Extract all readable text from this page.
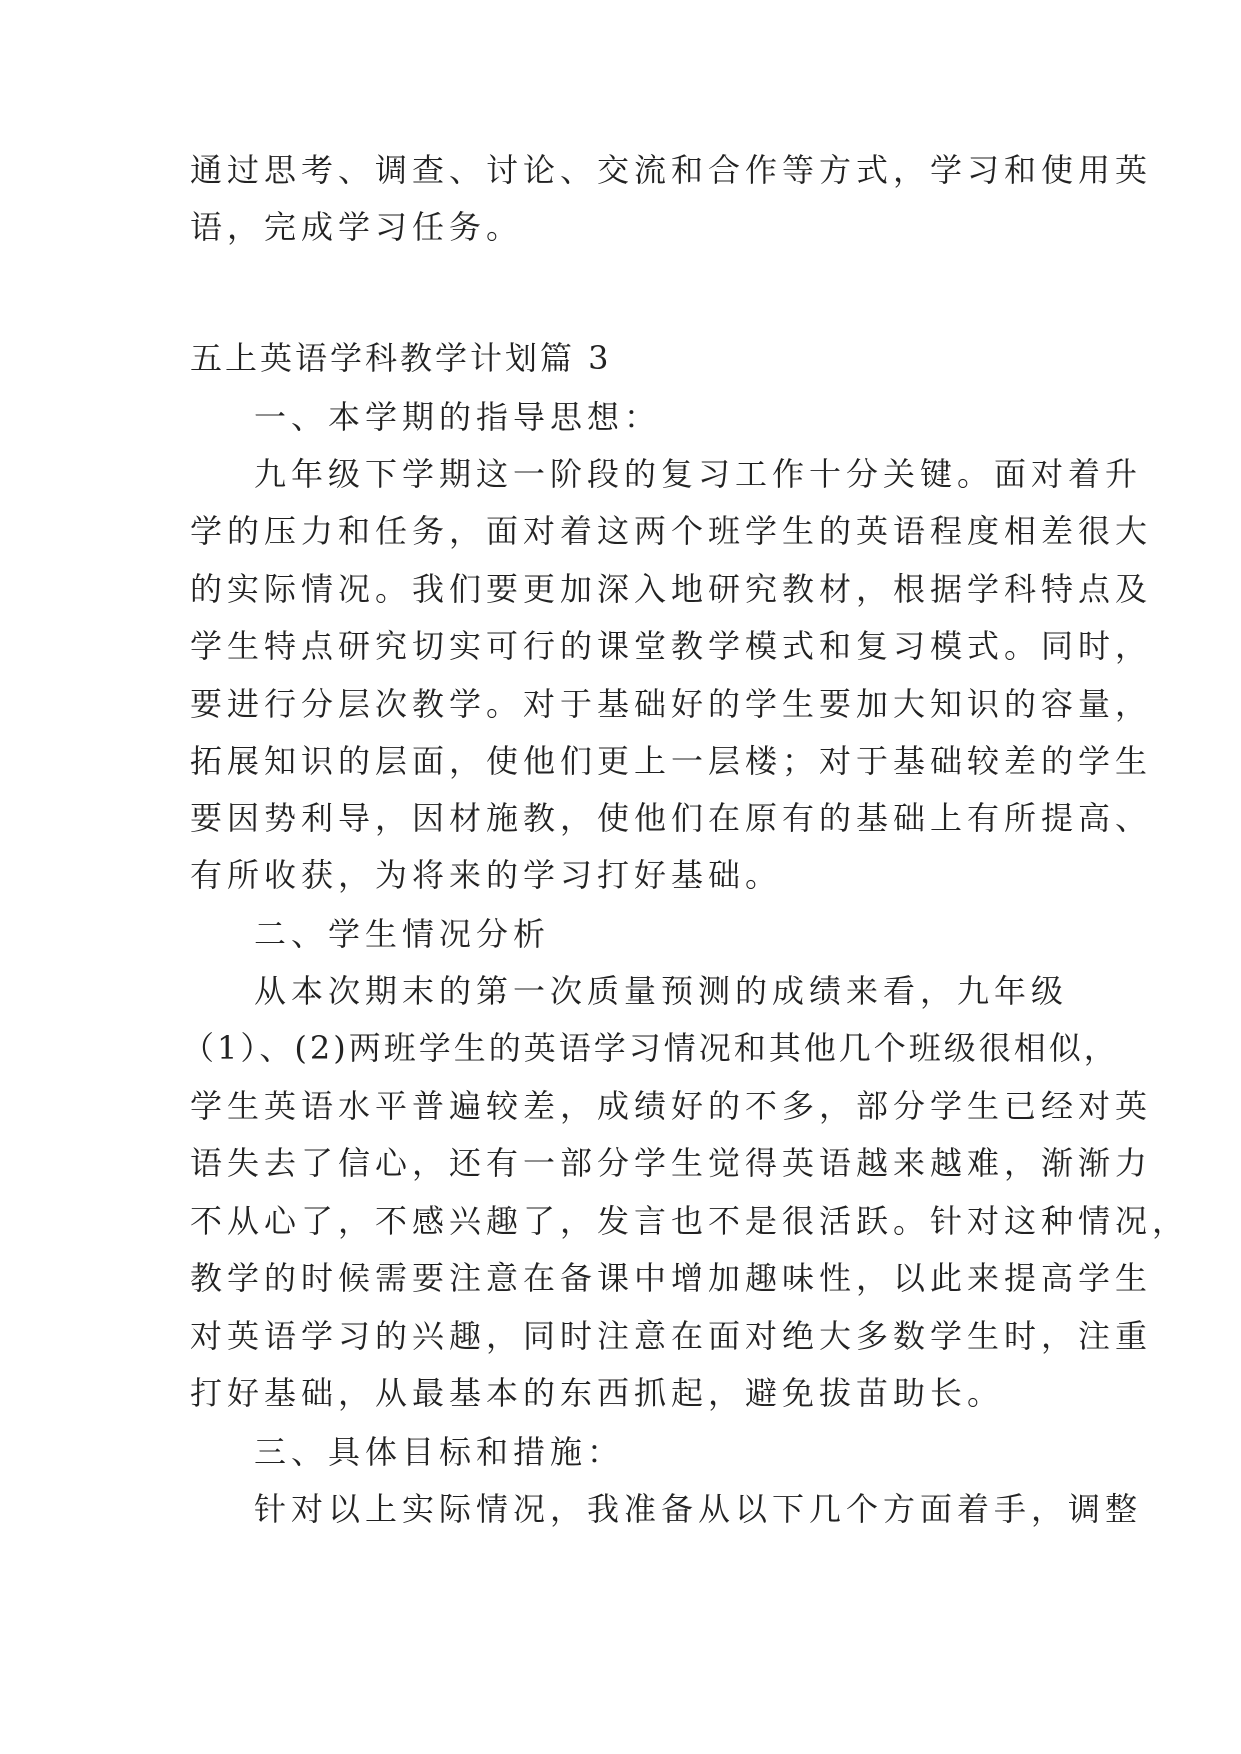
通过思考、调查、讨论、交流和合作等方式，学习和使用英
语，完成学习任务。
五上英语学科教学计划篇 3
一、本学期的指导思想：
九年级下学期这一阶段的复习工作十分关键。面对着升
学的压力和任务，面对着这两个班学生的英语程度相差很大
的实际情况。我们要更加深入地研究教材，根据学科特点及
学生特点研究切实可行的课堂教学模式和复习模式。同时，
要进行分层次教学。对于基础好的学生要加大知识的容量，
拓展知识的层面，使他们更上一层楼；对于基础较差的学生
要因势利导，因材施教，使他们在原有的基础上有所提高、
有所收获，为将来的学习打好基础。
二、学生情况分析
从本次期末的第一次质量预测的成绩来看，九年级
（1）、(2)两班学生的英语学习情况和其他几个班级很相似，
学生英语水平普遍较差，成绩好的不多，部分学生已经对英
语失去了信心，还有一部分学生觉得英语越来越难，渐渐力
不从心了，不感兴趣了，发言也不是很活跃。针对这种情况，
教学的时候需要注意在备课中增加趣味性，以此来提高学生
对英语学习的兴趣，同时注意在面对绝大多数学生时，注重
打好基础，从最基本的东西抓起，避免拔苗助长。
三、具体目标和措施：
针对以上实际情况，我准备从以下几个方面着手，调整
